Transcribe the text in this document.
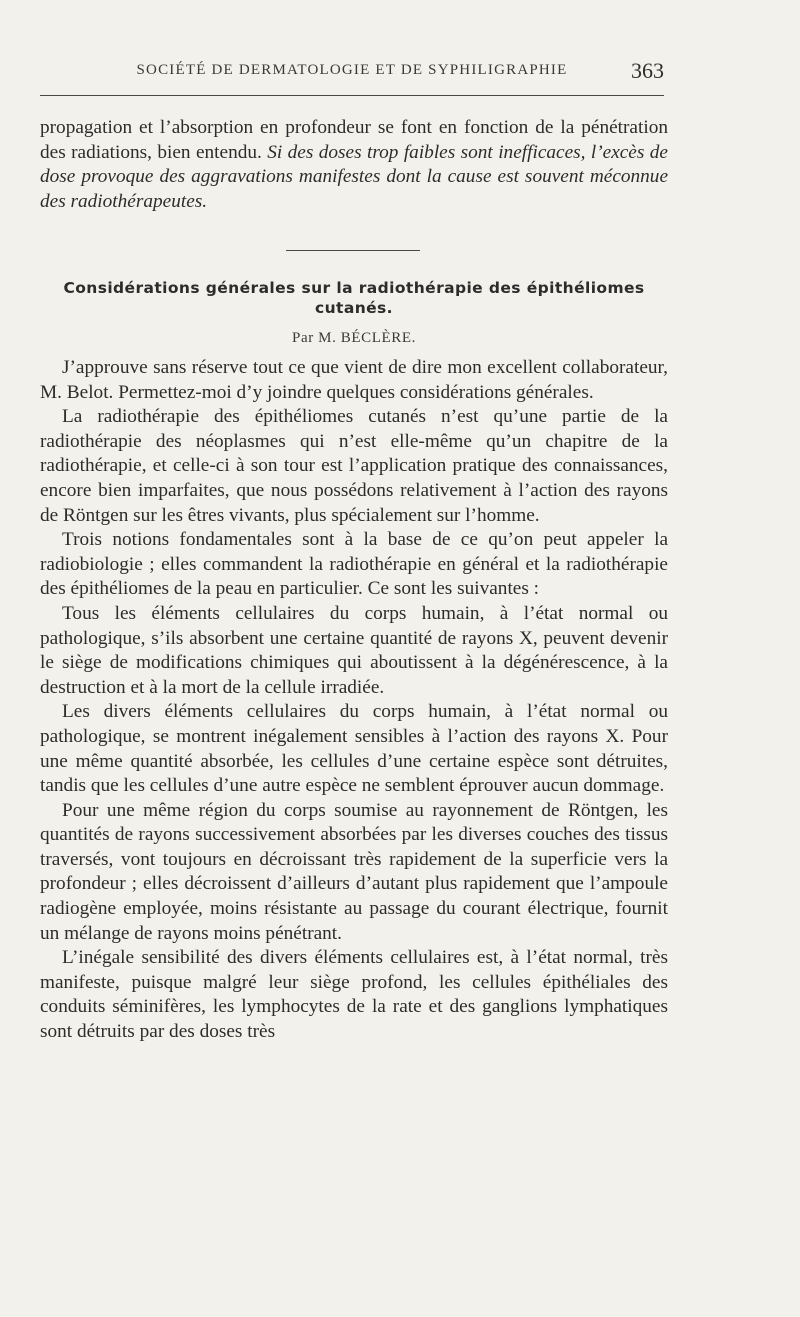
SOCIÉTÉ DE DERMATOLOGIE ET DE SYPHILIGRAPHIE	363
propagation et l’absorption en profondeur se font en fonction de la pénétration des radiations, bien entendu. Si des doses trop faibles sont inefficaces, l’excès de dose provoque des aggravations manifestes dont la cause est souvent méconnue des radiothérapeutes.
Considérations générales sur la radiothérapie des épithéliomes cutanés.
Par M. BÉCLÈRE.

J’approuve sans réserve tout ce que vient de dire mon excellent collaborateur, M. Belot. Permettez-moi d’y joindre quelques considérations générales.

La radiothérapie des épithéliomes cutanés n’est qu’une partie de la radiothérapie des néoplasmes qui n’est elle-même qu’un chapitre de la radiothérapie, et celle-ci à son tour est l’application pratique des connaissances, encore bien imparfaites, que nous possédons relativement à l’action des rayons de Röntgen sur les êtres vivants, plus spécialement sur l’homme.

Trois notions fondamentales sont à la base de ce qu’on peut appeler la radiobiologie ; elles commandent la radiothérapie en général et la radiothérapie des épithéliomes de la peau en particulier. Ce sont les suivantes :

Tous les éléments cellulaires du corps humain, à l’état normal ou pathologique, s’ils absorbent une certaine quantité de rayons X, peuvent devenir le siège de modifications chimiques qui aboutissent à la dégénérescence, à la destruction et à la mort de la cellule irradiée.

Les divers éléments cellulaires du corps humain, à l’état normal ou pathologique, se montrent inégalement sensibles à l’action des rayons X. Pour une même quantité absorbée, les cellules d’une certaine espèce sont détruites, tandis que les cellules d’une autre espèce ne semblent éprouver aucun dommage.

Pour une même région du corps soumise au rayonnement de Röntgen, les quantités de rayons successivement absorbées par les diverses couches des tissus traversés, vont toujours en décroissant très rapidement de la superficie vers la profondeur ; elles décroissent d’ailleurs d’autant plus rapidement que l’ampoule radiogène employée, moins résistante au passage du courant électrique, fournit un mélange de rayons moins pénétrant.

L’inégale sensibilité des divers éléments cellulaires est, à l’état normal, très manifeste, puisque malgré leur siège profond, les cellules épithéliales des conduits séminifères, les lymphocytes de la rate et des ganglions lymphatiques sont détruits par des doses très
